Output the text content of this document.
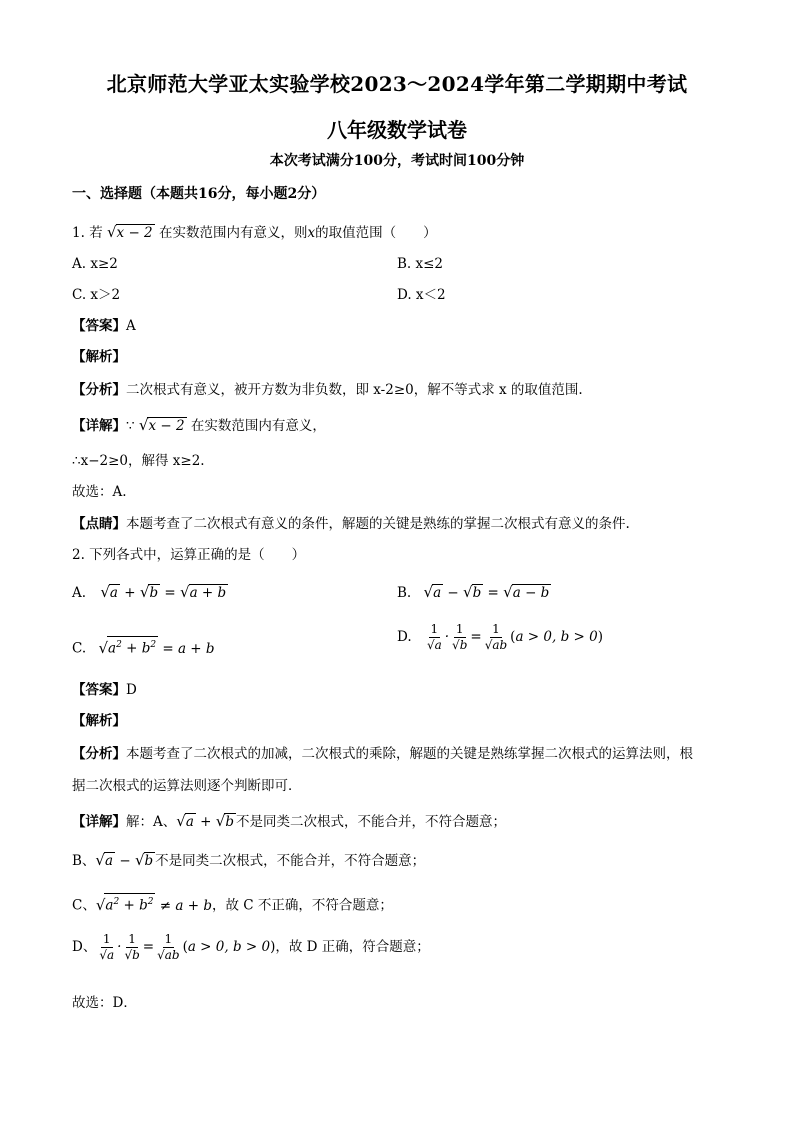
北京师范大学亚太实验学校2023～2024学年第二学期期中考试
八年级数学试卷
本次考试满分100分，考试时间100分钟
一、选择题（本题共16分，每小题2分）
1. 若 √x − 2 在实数范围内有意义，则x的取值范围（　　）
A. x≥2	B. x≤2
C. x＞2	D. x＜2
【答案】A
【解析】
【分析】二次根式有意义，被开方数为非负数，即 x-2≥0，解不等式求 x 的取值范围.
【详解】∵ √x − 2 在实数范围内有意义，
∴x−2≥0，解得 x≥2.
故选：A.
【点睛】本题考查了二次根式有意义的条件，解题的关键是熟练的掌握二次根式有意义的条件.
2. 下列各式中，运算正确的是（　　）
A. √a + √b = √a + b	B. √a − √b = √a − b
C. $√a^2 + b^2 = a + b$
D. $\frac{1}{√a} \cdot \frac{1}{√b} = \frac{1}{√ab} (a > 0$, b > 0)
【答案】D
【解析】
【分析】本题考查了二次根式的加减，二次根式的乘除，解题的关键是熟练掌握二次根式的运算法则，根
据二次根式的运算法则逐个判断即可．
【详解】解：A、√a + √b 不是同类二次根式，不能合并，不符合题意；
B、√a − √b 不是同类二次根式，不能合并，不符合题意；
C、$√a^2 + b^2 \ne a + b$，故 C 不正确，不符合题意；
D、 $\frac{1}{√a} \cdot \frac{1}{√b} = \frac{1}{√ab} (a > 0$, b > 0)，故 D 正确，符合题意；
故选：D．
